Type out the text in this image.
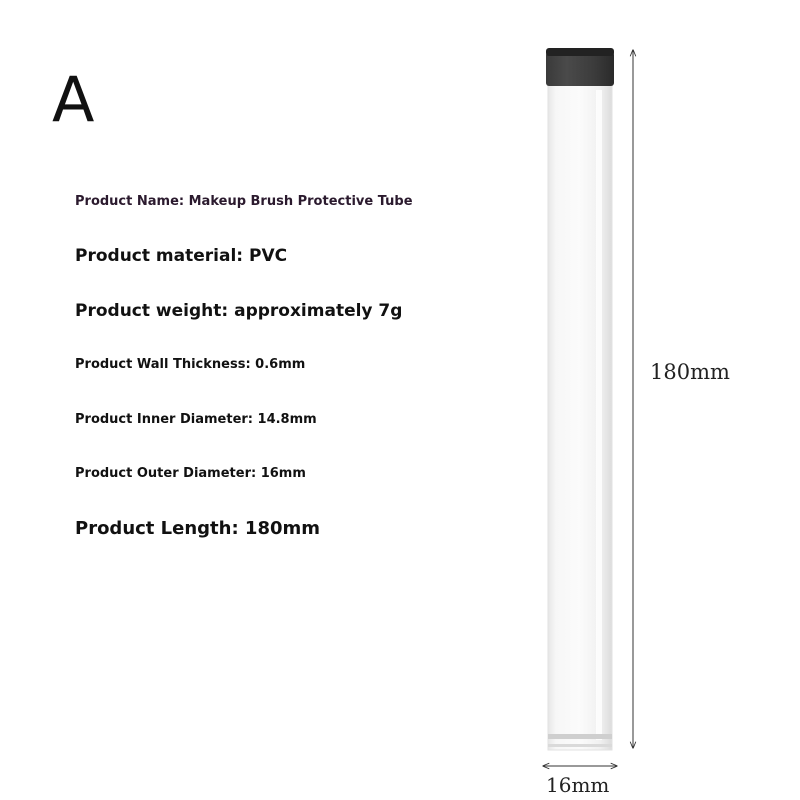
A
Product Name: Makeup Brush Protective Tube
Product material: PVC
Product weight: approximately 7g
Product Wall Thickness: 0.6mm
Product Inner Diameter: 14.8mm
Product Outer Diameter: 16mm
Product Length: 180mm
180mm
16mm
